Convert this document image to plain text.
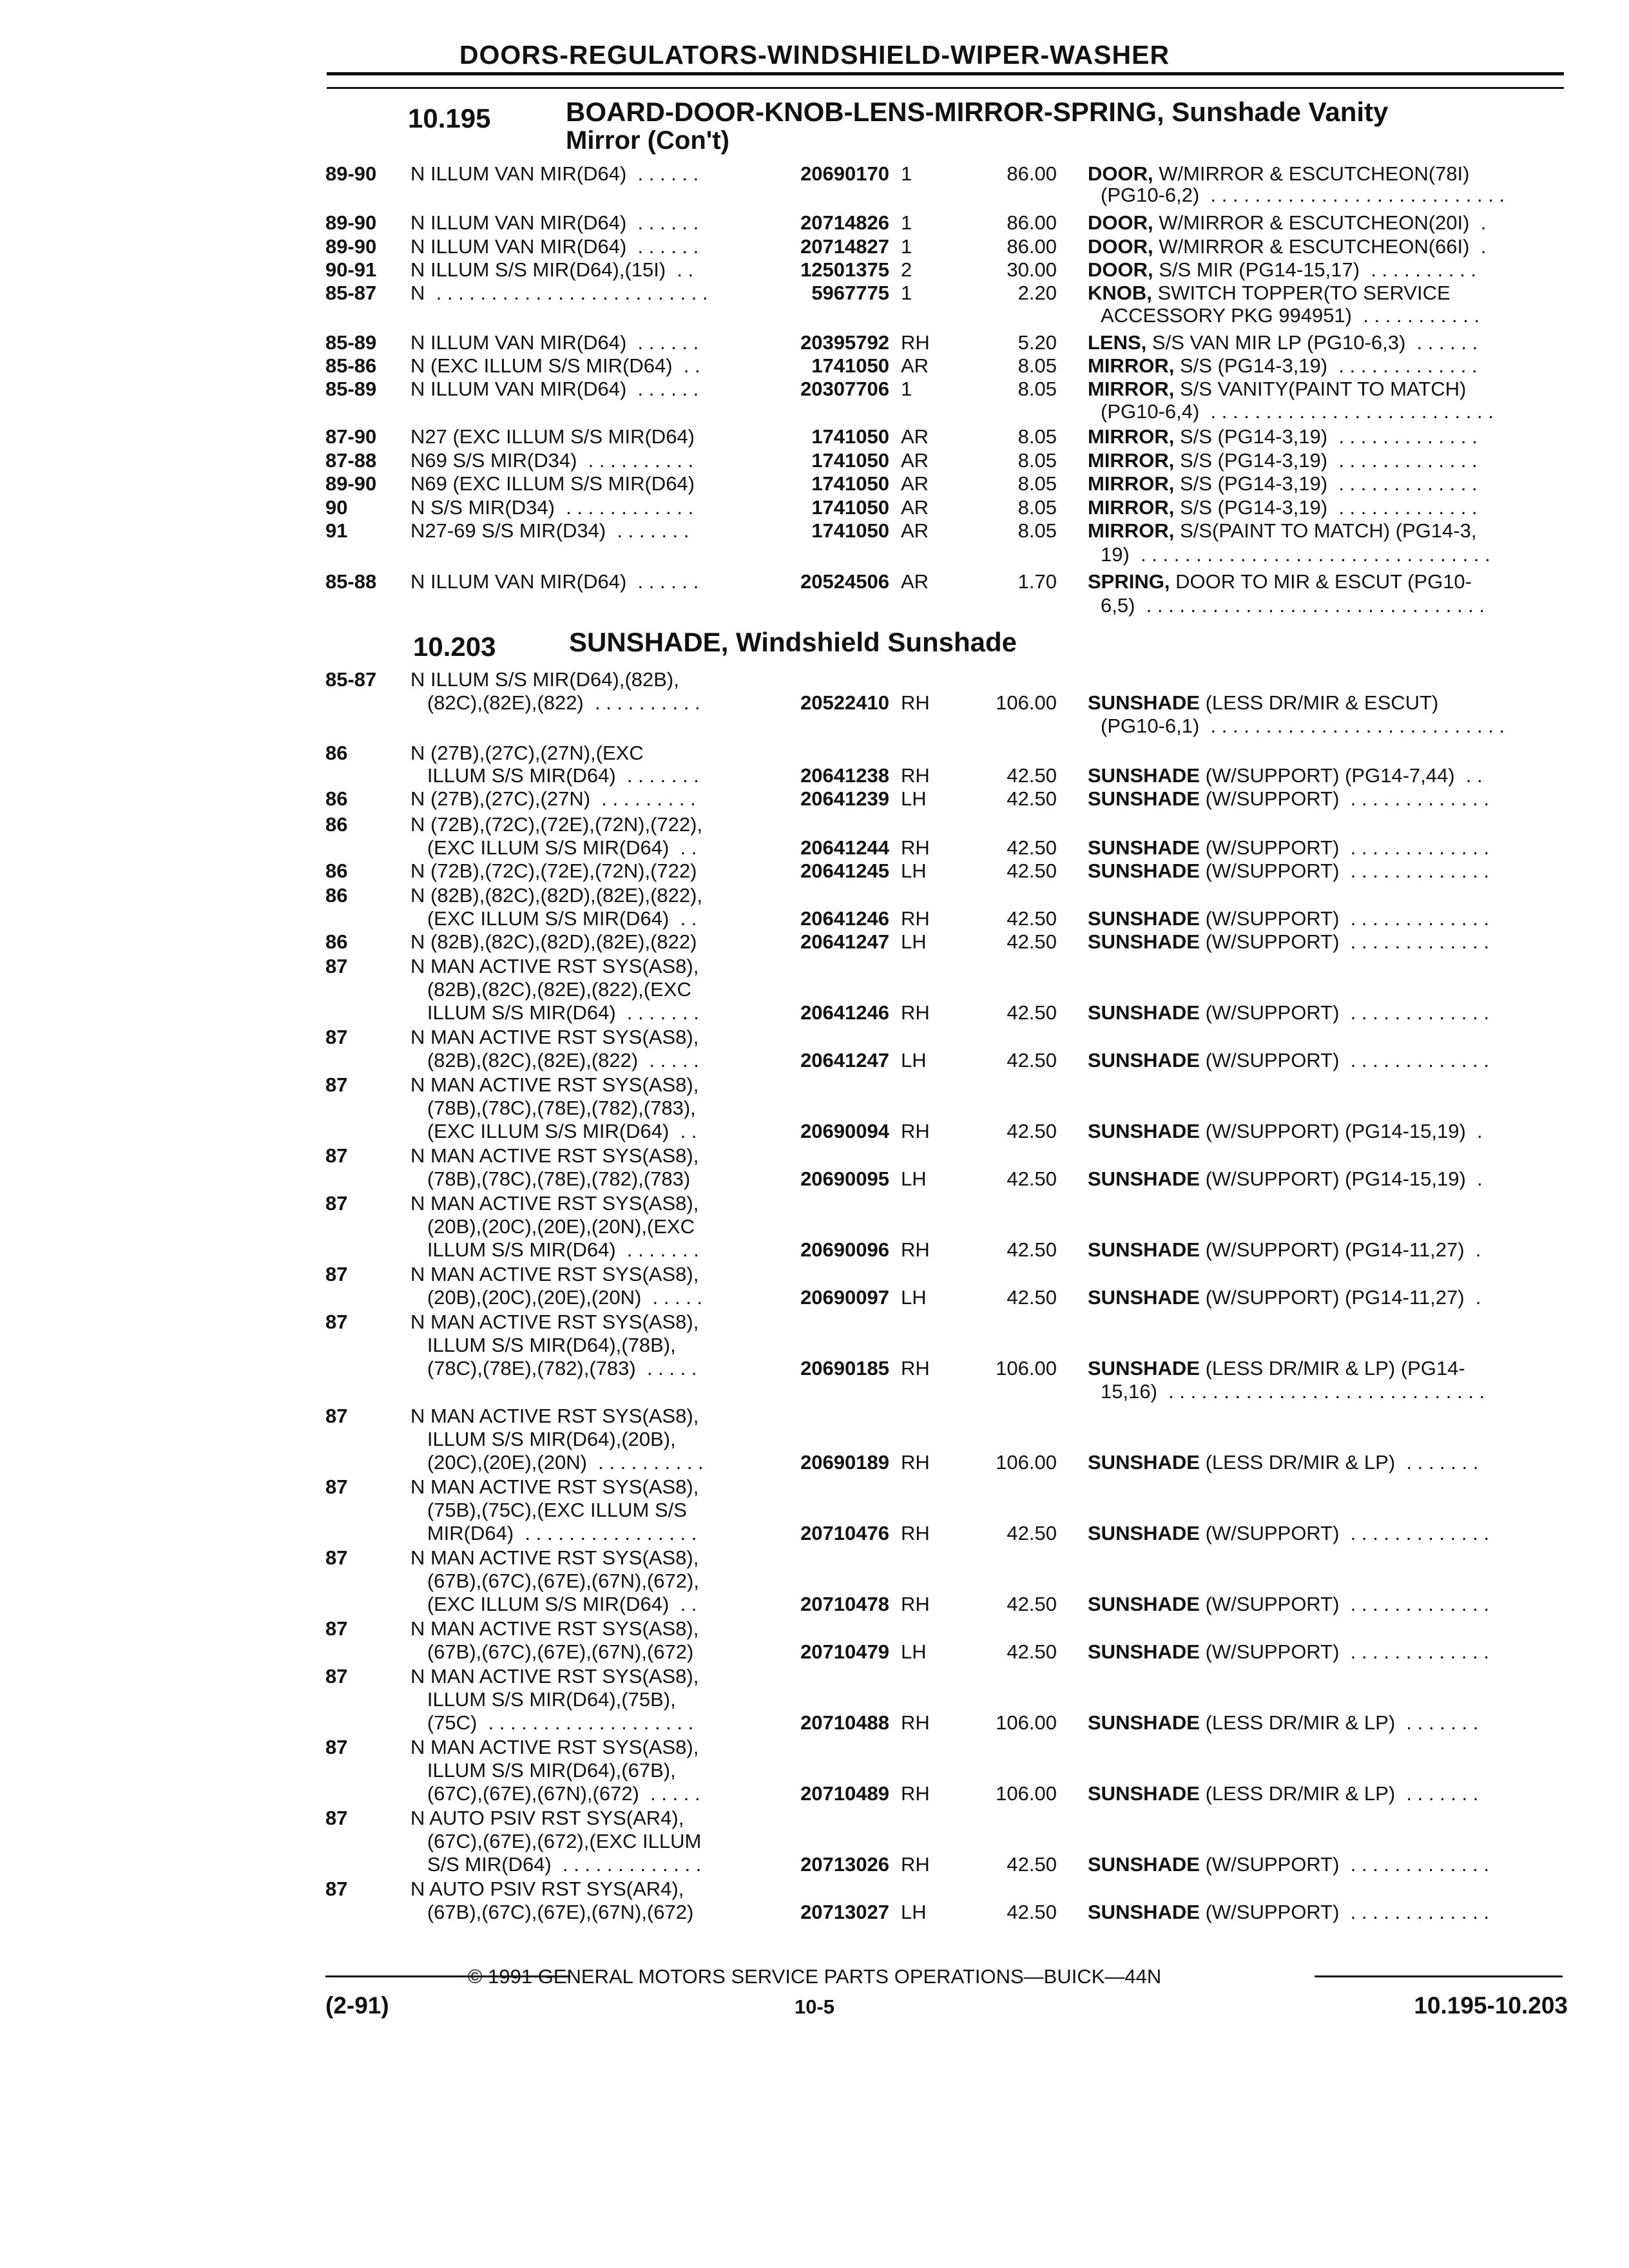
DOORS-REGULATORS-WINDSHIELD-WIPER-WASHER
10.195	BOARD-DOOR-KNOB-LENS-MIRROR-SPRING, Sunshade Vanity
Mirror (Con't)
10.203	SUNSHADE, Windshield Sunshade
89-90 N ILLUM VAN MIR(D64)  . . . . . .	20690170 1	86.00 DOOR, W/MIRROR & ESCUTCHEON(78I)
(PG10-6,2)  . . . . . . . . . . . . . . . . . . . . . . . . . . .
89-90 N ILLUM VAN MIR(D64)  . . . . . .	20714826 1	86.00 DOOR, W/MIRROR & ESCUTCHEON(20I)  .
89-90 N ILLUM VAN MIR(D64)  . . . . . .	20714827 1	86.00 DOOR, W/MIRROR & ESCUTCHEON(66I)  .
90-91 N ILLUM S/S MIR(D64),(15I)  . .	12501375 2	30.00 DOOR, S/S MIR (PG14-15,17)  . . . . . . . . . .
85-87 N  . . . . . . . . . . . . . . . . . . . . . . . . .	5967775 1	2.20 KNOB, SWITCH TOPPER(TO SERVICE
ACCESSORY PKG 994951)  . . . . . . . . . . .
85-89 N ILLUM VAN MIR(D64)  . . . . . .	20395792 RH	5.20 LENS, S/S VAN MIR LP (PG10-6,3)  . . . . . .
85-86 N (EXC ILLUM S/S MIR(D64)  . .	1741050 AR	8.05 MIRROR, S/S (PG14-3,19)  . . . . . . . . . . . . .
85-89 N ILLUM VAN MIR(D64)  . . . . . .	20307706 1	8.05 MIRROR, S/S VANITY(PAINT TO MATCH)
(PG10-6,4)  . . . . . . . . . . . . . . . . . . . . . . . . . .
87-90 N27 (EXC ILLUM S/S MIR(D64)	1741050 AR	8.05 MIRROR, S/S (PG14-3,19)  . . . . . . . . . . . . .
87-88 N69 S/S MIR(D34)  . . . . . . . . . .	1741050 AR	8.05 MIRROR, S/S (PG14-3,19)  . . . . . . . . . . . . .
89-90 N69 (EXC ILLUM S/S MIR(D64)	1741050 AR	8.05 MIRROR, S/S (PG14-3,19)  . . . . . . . . . . . . .
90	N S/S MIR(D34)  . . . . . . . . . . . .	1741050 AR	8.05 MIRROR, S/S (PG14-3,19)  . . . . . . . . . . . . .
91	N27-69 S/S MIR(D34)  . . . . . . .	1741050 AR	8.05 MIRROR, S/S(PAINT TO MATCH) (PG14-3,
19)  . . . . . . . . . . . . . . . . . . . . . . . . . . . . . . . .
85-88 N ILLUM VAN MIR(D64)  . . . . . .	20524506 AR	1.70 SPRING, DOOR TO MIR & ESCUT (PG10-
6,5)  . . . . . . . . . . . . . . . . . . . . . . . . . . . . . . .
85-87 N ILLUM S/S MIR(D64),(82B),
(82C),(82E),(822)  . . . . . . . . . .	20522410 RH	106.00 SUNSHADE (LESS DR/MIR & ESCUT)
(PG10-6,1)  . . . . . . . . . . . . . . . . . . . . . . . . . . .
86	N (27B),(27C),(27N),(EXC
ILLUM S/S MIR(D64)  . . . . . . .	20641238 RH	42.50 SUNSHADE (W/SUPPORT) (PG14-7,44)  . .
86	N (27B),(27C),(27N)  . . . . . . . . .	20641239 LH	42.50 SUNSHADE (W/SUPPORT)  . . . . . . . . . . . . .
86	N (72B),(72C),(72E),(72N),(722),
(EXC ILLUM S/S MIR(D64)  . .	20641244 RH	42.50 SUNSHADE (W/SUPPORT)  . . . . . . . . . . . . .
86	N (72B),(72C),(72E),(72N),(722)	20641245 LH	42.50 SUNSHADE (W/SUPPORT)  . . . . . . . . . . . . .
86	N (82B),(82C),(82D),(82E),(822),
(EXC ILLUM S/S MIR(D64)  . .	20641246 RH	42.50 SUNSHADE (W/SUPPORT)  . . . . . . . . . . . . .
86	N (82B),(82C),(82D),(82E),(822)	20641247 LH	42.50 SUNSHADE (W/SUPPORT)  . . . . . . . . . . . . .
87	N MAN ACTIVE RST SYS(AS8),
(82B),(82C),(82E),(822),(EXC
ILLUM S/S MIR(D64)  . . . . . . .	20641246 RH	42.50 SUNSHADE (W/SUPPORT)  . . . . . . . . . . . . .
87	N MAN ACTIVE RST SYS(AS8),
(82B),(82C),(82E),(822)  . . . . .	20641247 LH	42.50 SUNSHADE (W/SUPPORT)  . . . . . . . . . . . . .
87	N MAN ACTIVE RST SYS(AS8),
(78B),(78C),(78E),(782),(783),
(EXC ILLUM S/S MIR(D64)  . .	20690094 RH	42.50 SUNSHADE (W/SUPPORT) (PG14-15,19)  .
87	N MAN ACTIVE RST SYS(AS8),
(78B),(78C),(78E),(782),(783)	20690095 LH	42.50 SUNSHADE (W/SUPPORT) (PG14-15,19)  .
87	N MAN ACTIVE RST SYS(AS8),
(20B),(20C),(20E),(20N),(EXC
ILLUM S/S MIR(D64)  . . . . . . .	20690096 RH	42.50 SUNSHADE (W/SUPPORT) (PG14-11,27)  .
87	N MAN ACTIVE RST SYS(AS8),
(20B),(20C),(20E),(20N)  . . . . .	20690097 LH	42.50 SUNSHADE (W/SUPPORT) (PG14-11,27)  .
87	N MAN ACTIVE RST SYS(AS8),
ILLUM S/S MIR(D64),(78B),
(78C),(78E),(782),(783)  . . . . .	20690185 RH	106.00 SUNSHADE (LESS DR/MIR & LP) (PG14-
15,16)  . . . . . . . . . . . . . . . . . . . . . . . . . . . . .
87	N MAN ACTIVE RST SYS(AS8),
ILLUM S/S MIR(D64),(20B),
(20C),(20E),(20N)  . . . . . . . . . .	20690189 RH	106.00 SUNSHADE (LESS DR/MIR & LP)  . . . . . . .
87	N MAN ACTIVE RST SYS(AS8),
(75B),(75C),(EXC ILLUM S/S
MIR(D64)  . . . . . . . . . . . . . . . .	20710476 RH	42.50 SUNSHADE (W/SUPPORT)  . . . . . . . . . . . . .
87	N MAN ACTIVE RST SYS(AS8),
(67B),(67C),(67E),(67N),(672),
(EXC ILLUM S/S MIR(D64)  . .	20710478 RH	42.50 SUNSHADE (W/SUPPORT)  . . . . . . . . . . . . .
87	N MAN ACTIVE RST SYS(AS8),
(67B),(67C),(67E),(67N),(672)	20710479 LH	42.50 SUNSHADE (W/SUPPORT)  . . . . . . . . . . . . .
87	N MAN ACTIVE RST SYS(AS8),
ILLUM S/S MIR(D64),(75B),
(75C)  . . . . . . . . . . . . . . . . . . .	20710488 RH	106.00 SUNSHADE (LESS DR/MIR & LP)  . . . . . . .
87	N MAN ACTIVE RST SYS(AS8),
ILLUM S/S MIR(D64),(67B),
(67C),(67E),(67N),(672)  . . . . .	20710489 RH	106.00 SUNSHADE (LESS DR/MIR & LP)  . . . . . . .
87	N AUTO PSIV RST SYS(AR4),
(67C),(67E),(672),(EXC ILLUM
S/S MIR(D64)  . . . . . . . . . . . . .	20713026 RH	42.50 SUNSHADE (W/SUPPORT)  . . . . . . . . . . . . .
87	N AUTO PSIV RST SYS(AR4),
(67B),(67C),(67E),(67N),(672)	20713027 LH	42.50 SUNSHADE (W/SUPPORT)  . . . . . . . . . . . . .
© 1991 GENERAL MOTORS SERVICE PARTS OPERATIONS—BUICK—44N
(2-91)	10-5	10.195-10.203
